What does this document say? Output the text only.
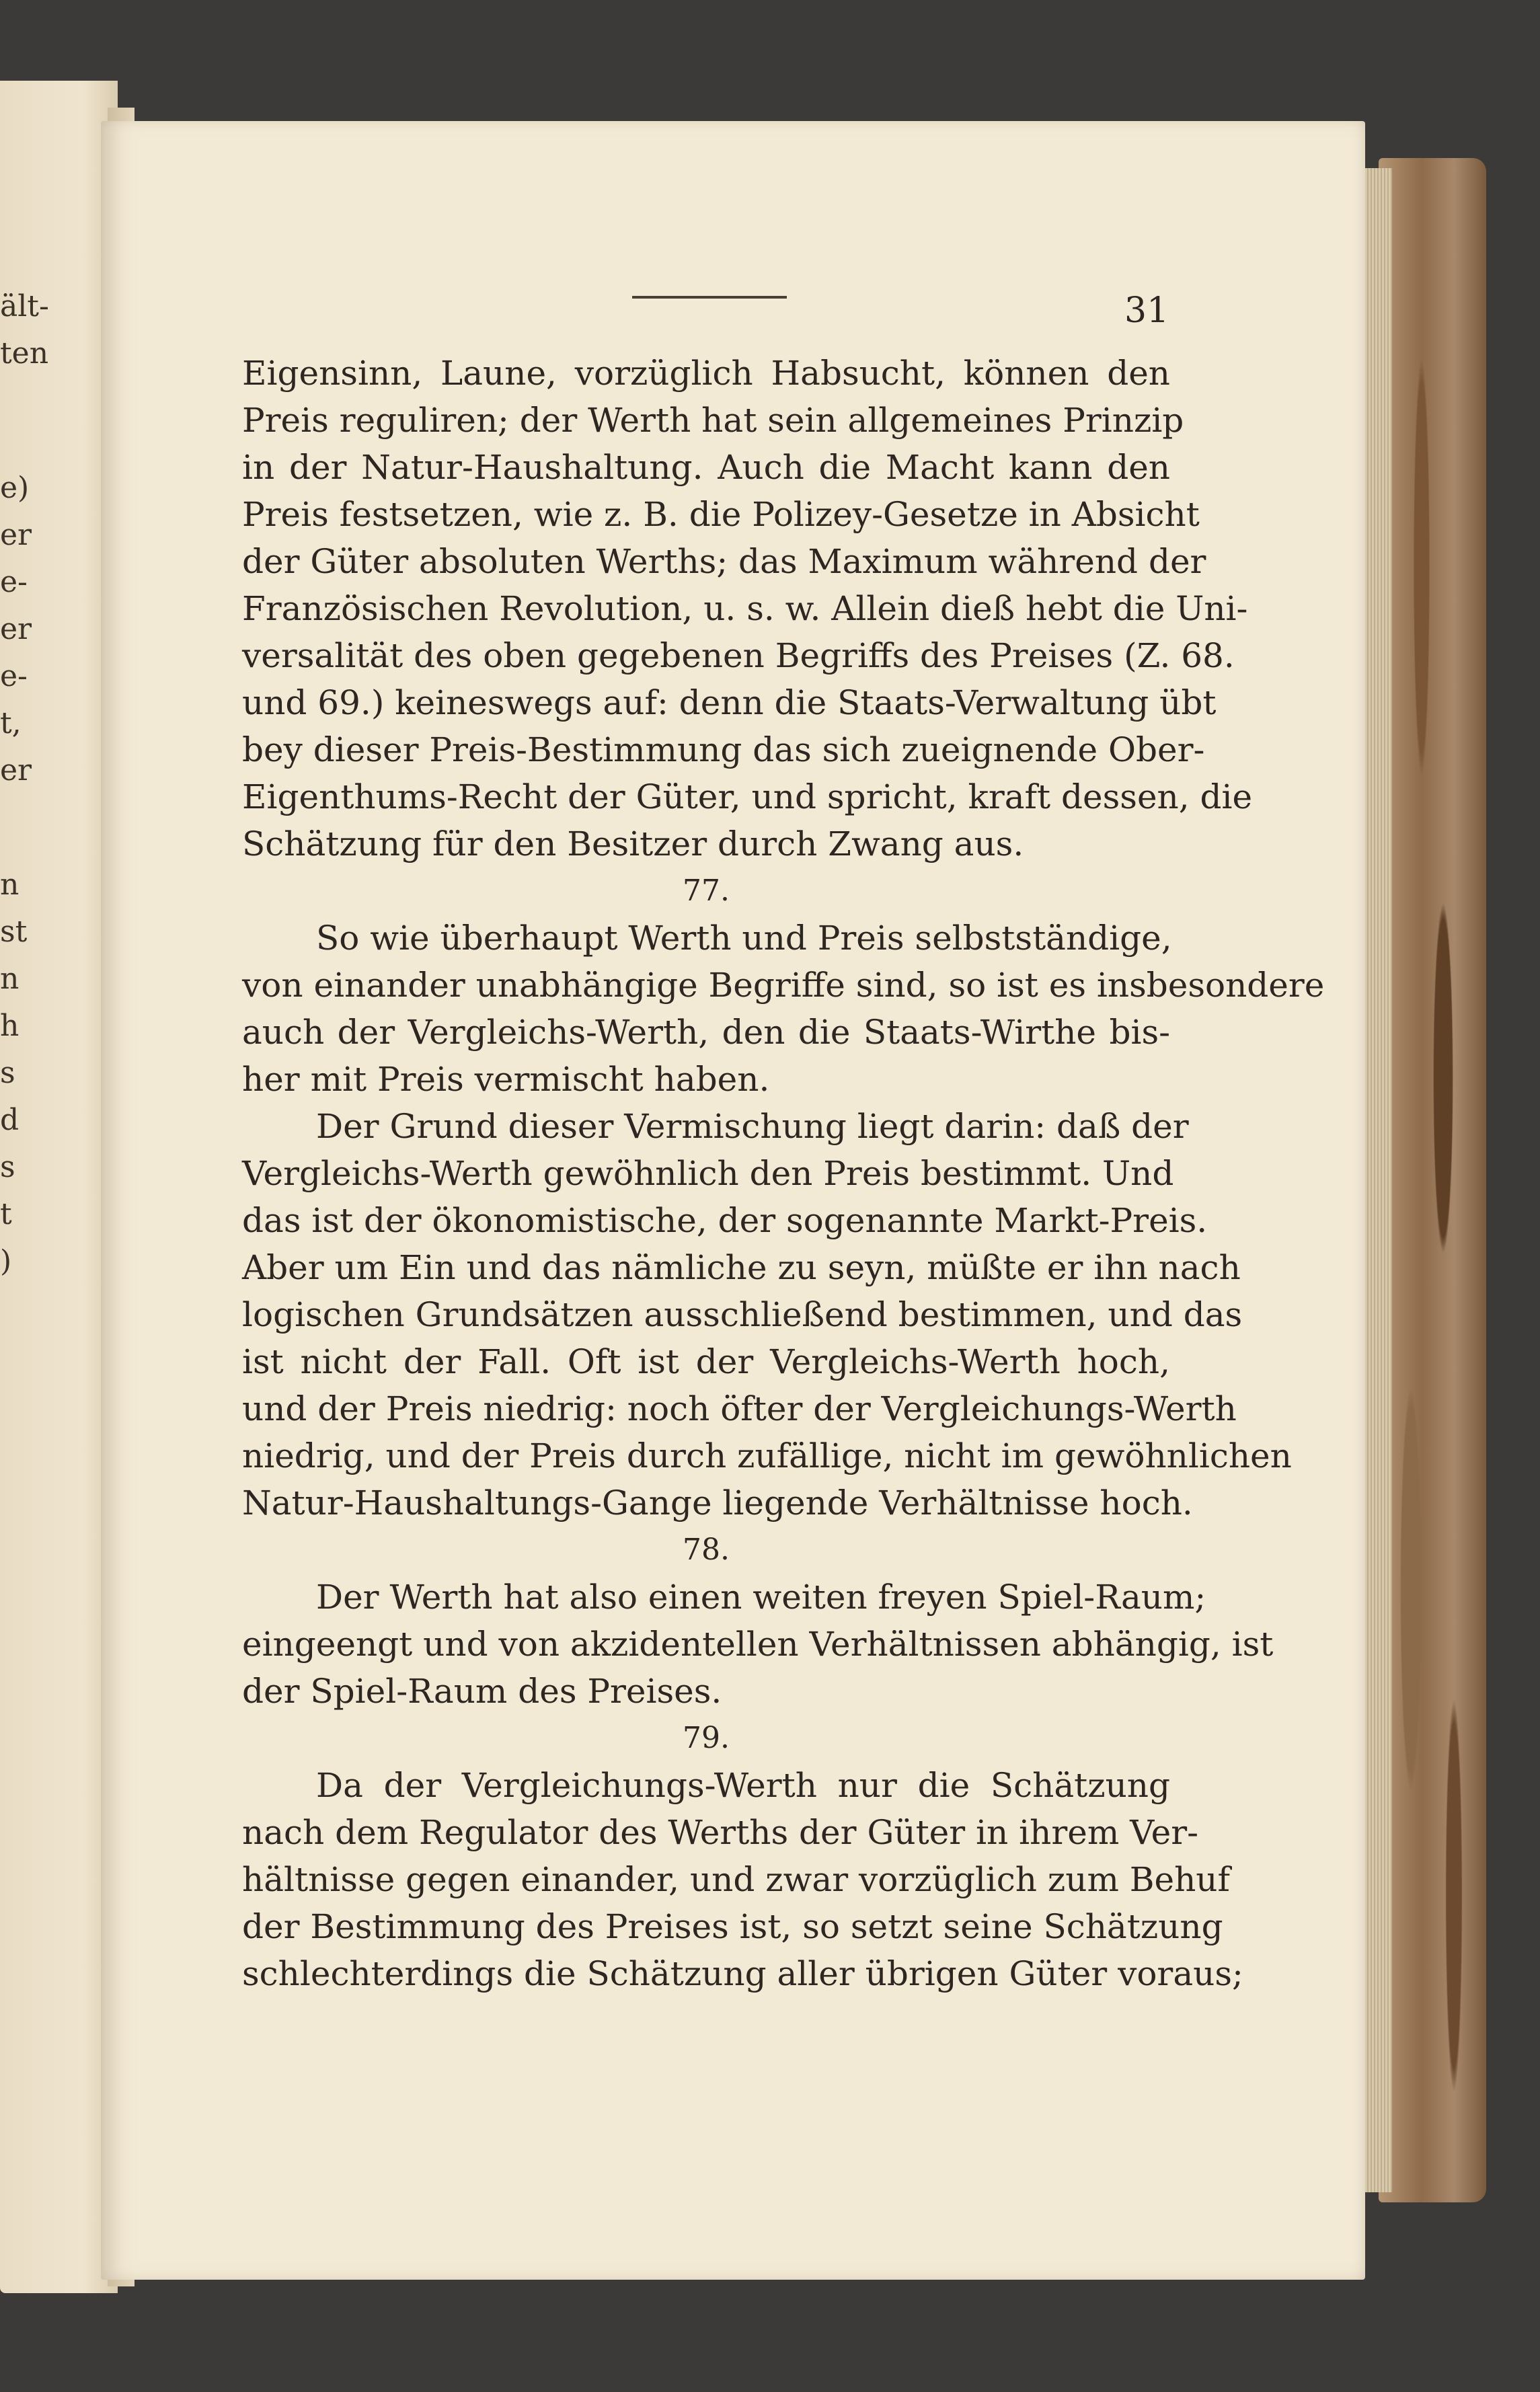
ält-
ten
e)
er
e-
er
e-
t,
er
n
st
n
h
s
d
s
t
)
31
Eigensinn, Laune, vorzüglich Habsucht, können den
Preis reguliren; der Werth hat sein allgemeines Prinzip
in der Natur-Haushaltung. Auch die Macht kann den
Preis festsetzen, wie z. B. die Polizey-Gesetze in Absicht
der Güter absoluten Werths; das Maximum während der
Französischen Revolution, u. s. w. Allein dieß hebt die Uni-
versalität des oben gegebenen Begriffs des Preises (Z. 68.
und 69.) keineswegs auf: denn die Staats-Verwaltung übt
bey dieser Preis-Bestimmung das sich zueignende Ober-
Eigenthums-Recht der Güter, und spricht, kraft dessen, die
Schätzung für den Besitzer durch Zwang aus.
77.
So wie überhaupt Werth und Preis selbstständige,
von einander unabhängige Begriffe sind, so ist es insbesondere
auch der Vergleichs-Werth, den die Staats-Wirthe bis-
her mit Preis vermischt haben.
Der Grund dieser Vermischung liegt darin: daß der
Vergleichs-Werth gewöhnlich den Preis bestimmt. Und
das ist der ökonomistische, der sogenannte Markt-Preis.
Aber um Ein und das nämliche zu seyn, müßte er ihn nach
logischen Grundsätzen ausschließend bestimmen, und das
ist nicht der Fall. Oft ist der Vergleichs-Werth hoch,
und der Preis niedrig: noch öfter der Vergleichungs-Werth
niedrig, und der Preis durch zufällige, nicht im gewöhnlichen
Natur-Haushaltungs-Gange liegende Verhältnisse hoch.
78.
Der Werth hat also einen weiten freyen Spiel-Raum;
eingeengt und von akzidentellen Verhältnissen abhängig, ist
der Spiel-Raum des Preises.
79.
Da der Vergleichungs-Werth nur die Schätzung
nach dem Regulator des Werths der Güter in ihrem Ver-
hältnisse gegen einander, und zwar vorzüglich zum Behuf
der Bestimmung des Preises ist, so setzt seine Schätzung
schlechterdings die Schätzung aller übrigen Güter voraus;
